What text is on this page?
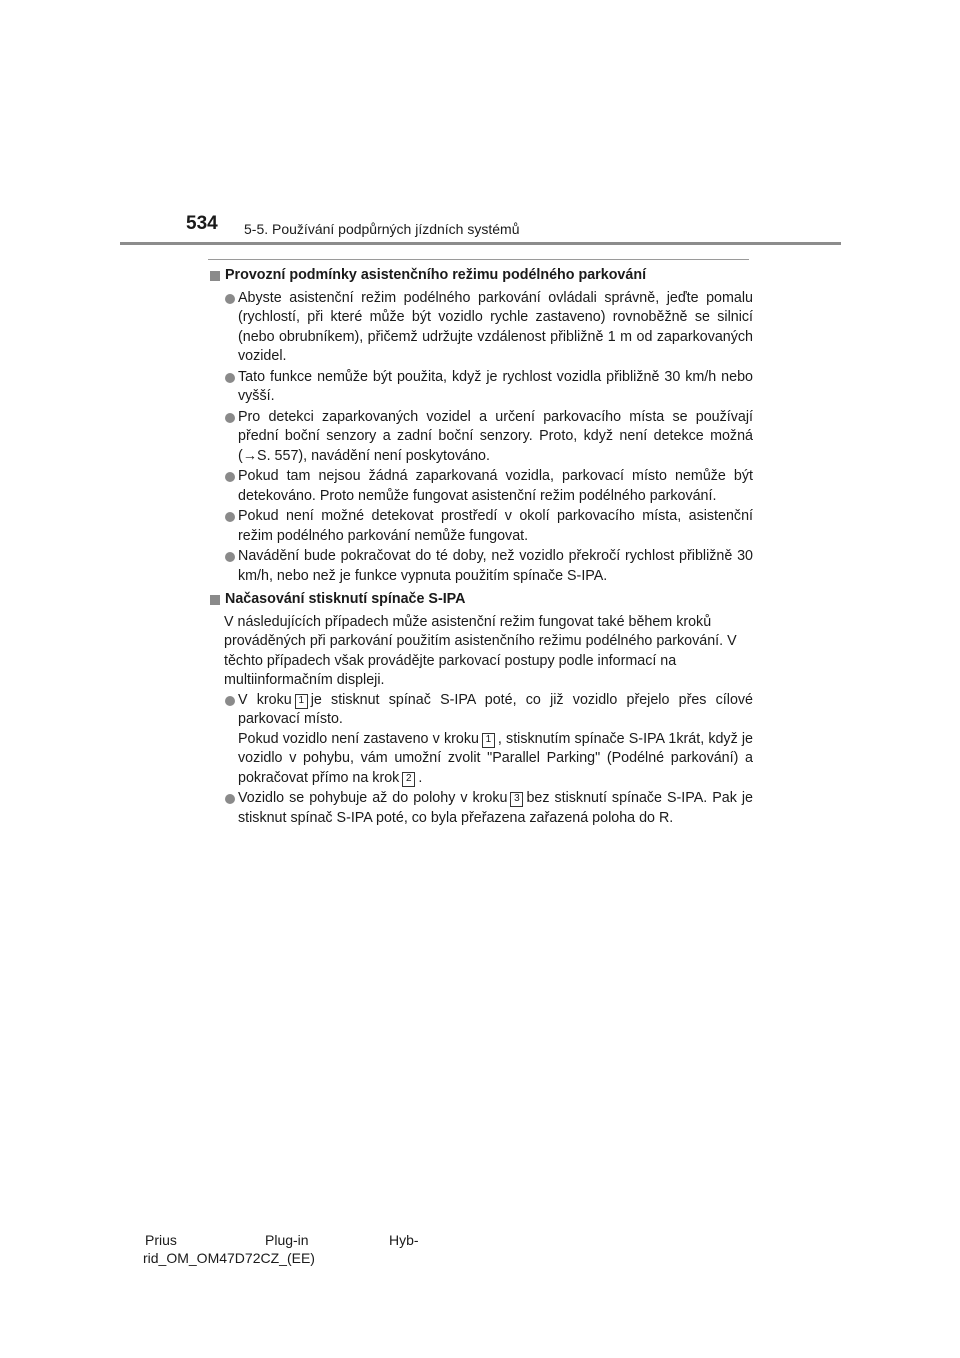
534 5-5. Používání podpůrných jízdních systémů
Provozní podmínky asistenčního režimu podélného parkování
Abyste asistenční režim podélného parkování ovládali správně, jeďte pomalu (rychlostí, při které může být vozidlo rychle zastaveno) rovnoběžně se silnicí (nebo obrubníkem), přičemž udržujte vzdálenost přibližně 1 m od zaparkovaných vozidel.
Tato funkce nemůže být použita, když je rychlost vozidla přibližně 30 km/h nebo vyšší.
Pro detekci zaparkovaných vozidel a určení parkovacího místa se používají přední boční senzory a zadní boční senzory. Proto, když není detekce možná (→S. 557), navádění není poskytováno.
Pokud tam nejsou žádná zaparkovaná vozidla, parkovací místo nemůže být detekováno. Proto nemůže fungovat asistenční režim podélného parkování.
Pokud není možné detekovat prostředí v okolí parkovacího místa, asistenční režim podélného parkování nemůže fungovat.
Navádění bude pokračovat do té doby, než vozidlo překročí rychlost přibližně 30 km/h, nebo než je funkce vypnuta použitím spínače S-IPA.
Načasování stisknutí spínače S-IPA
V následujících případech může asistenční režim fungovat také během kroků prováděných při parkování použitím asistenčního režimu podélného parkování. V těchto případech však provádějte parkovací postupy podle informací na multiinformačním displeji.
V kroku 1 je stisknut spínač S-IPA poté, co již vozidlo přejelo přes cílové parkovací místo.
Pokud vozidlo není zastaveno v kroku 1 , stisknutím spínače S-IPA 1krát, když je vozidlo v pohybu, vám umožní zvolit "Parallel Parking" (Podélné parkování) a pokračovat přímo na krok 2 .
Vozidlo se pohybuje až do polohy v kroku 3 bez stisknutí spínače S-IPA. Pak je stisknut spínač S-IPA poté, co byla přeřazena zařazená poloha do R.
Prius	Plug-in	Hyb-
rid_OM_OM47D72CZ_(EE)
